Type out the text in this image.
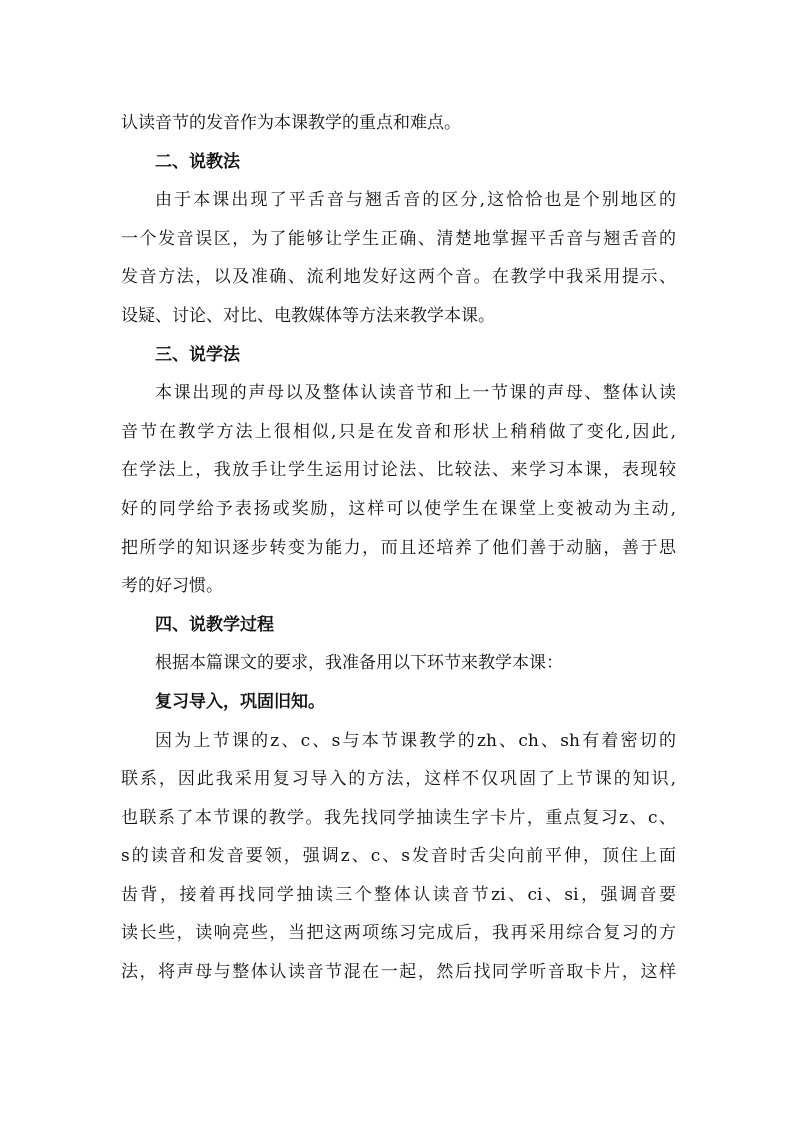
认读音节的发音作为本课教学的重点和难点。
二、说教法
由于本课出现了平舌音与翘舌音的区分,这恰恰也是个别地区的
一个发音误区，为了能够让学生正确、清楚地掌握平舌音与翘舌音的
发音方法，以及准确、流利地发好这两个音。在教学中我采用提示、
设疑、讨论、对比、电教媒体等方法来教学本课。
三、说学法
本课出现的声母以及整体认读音节和上一节课的声母、整体认读
音节在教学方法上很相似,只是在发音和形状上稍稍做了变化,因此,
在学法上，我放手让学生运用讨论法、比较法、来学习本课，表现较
好的同学给予表扬或奖励，这样可以使学生在课堂上变被动为主动,
把所学的知识逐步转变为能力，而且还培养了他们善于动脑，善于思
考的好习惯。
四、说教学过程
根据本篇课文的要求，我准备用以下环节来教学本课：
复习导入，巩固旧知。
因为上节课的z、c、s与本节课教学的zh、ch、sh有着密切的
联系，因此我采用复习导入的方法，这样不仅巩固了上节课的知识,
也联系了本节课的教学。我先找同学抽读生字卡片，重点复习z、c、
s的读音和发音要领，强调z、c、s发音时舌尖向前平伸，顶住上面
齿背，接着再找同学抽读三个整体认读音节zi、ci、si，强调音要
读长些，读响亮些，当把这两项练习完成后，我再采用综合复习的方
法，将声母与整体认读音节混在一起，然后找同学听音取卡片，这样
